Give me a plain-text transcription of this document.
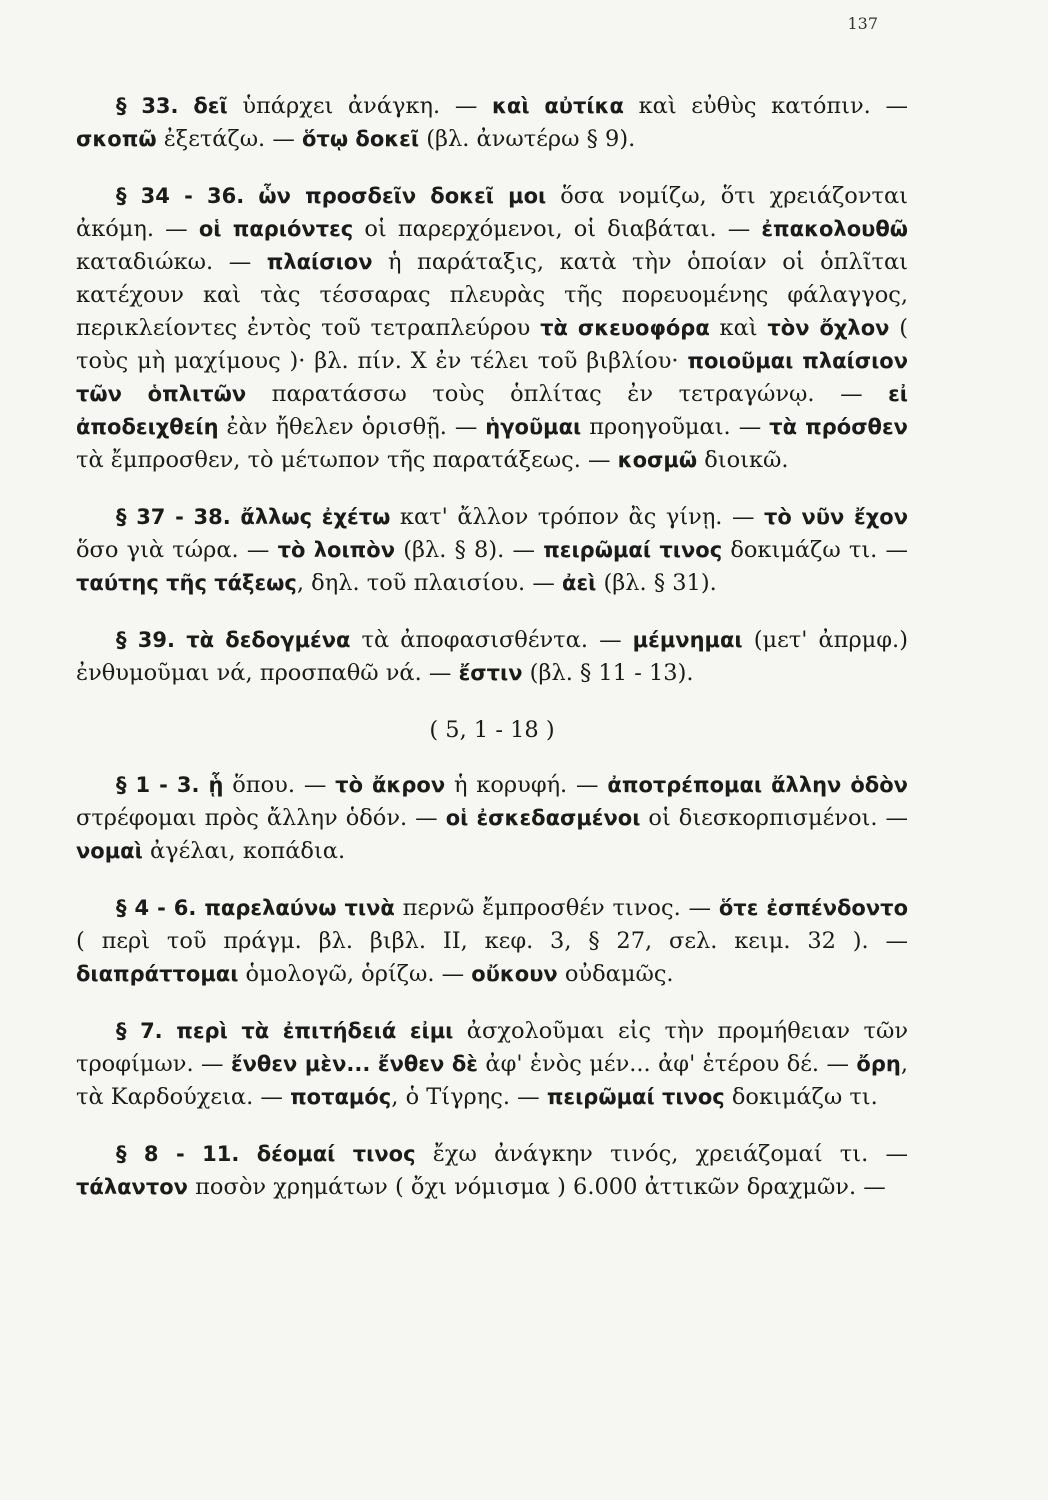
137

§ 33. δεῖ ὑπάρχει ἀνάγκη. — καὶ αὐτίκα καὶ εὐθὺς κατόπιν. — σκοπῶ ἐξετάζω. — ὅτῳ δοκεῖ (βλ. ἀνωτέρω § 9).

§ 34 - 36. ὧν προσδεῖν δοκεῖ μοι ὅσα νομίζω, ὅτι χρειάζονται ἀκόμη. — οἱ παριόντες οἱ παρερχόμενοι, οἱ διαβάται. — ἐπακολουθῶ καταδιώκω. — πλαίσιον ἡ παράταξις, κατὰ τὴν ὁποίαν οἱ ὁπλῖται κατέχουν καὶ τὰς τέσσαρας πλευρὰς τῆς πορευομένης φάλαγγος, περικλείοντες ἐντὸς τοῦ τετραπλεύρου τὰ σκευοφόρα καὶ τὸν ὄχλον ( τοὺς μὴ μαχίμους )· βλ. πίν. X ἐν τέλει τοῦ βιβλίου· ποιοῦμαι πλαίσιον τῶν ὁπλιτῶν παρατάσσω τοὺς ὁπλίτας ἐν τετραγώνῳ. — εἰ ἀποδειχθείη ἐὰν ἤθελεν ὁρισθῇ. — ἡγοῦμαι προηγοῦμαι. — τὰ πρόσθεν τὰ ἔμπροσθεν, τὸ μέτωπον τῆς παρατάξεως. — κοσμῶ διοικῶ.

§ 37 - 38. ἄλλως ἐχέτω κατ' ἄλλον τρόπον ἂς γίνῃ. — τὸ νῦν ἔχον ὅσο γιὰ τώρα. — τὸ λοιπὸν (βλ. § 8). — πειρῶμαί τινος δοκιμάζω τι. — ταύτης τῆς τάξεως, δηλ. τοῦ πλαισίου. — ἀεὶ (βλ. § 31).

§ 39. τὰ δεδογμένα τὰ ἀποφασισθέντα. — μέμνημαι (μετ' ἀπρμφ.) ἐνθυμοῦμαι νά, προσπαθῶ νά. — ἔστιν (βλ. § 11 - 13).

( 5, 1 - 18 )

§ 1 - 3. ᾗ ὅπου. — τὸ ἄκρον ἡ κορυφή. — ἀποτρέπομαι ἄλλην ὁδὸν στρέφομαι πρὸς ἄλλην ὁδόν. — οἱ ἐσκεδασμένοι οἱ διεσκορπισμένοι. — νομαὶ ἀγέλαι, κοπάδια.

§ 4 - 6. παρελαύνω τινὰ περνῶ ἔμπροσθέν τινος. — ὅτε ἐσπένδοντο ( περὶ τοῦ πράγμ. βλ. βιβλ. II, κεφ. 3, § 27, σελ. κειμ. 32 ). — διαπράττομαι ὁμολογῶ, ὁρίζω. — οὔκουν οὐδαμῶς.

§ 7. περὶ τὰ ἐπιτήδειά εἰμι ἀσχολοῦμαι εἰς τὴν προμήθειαν τῶν τροφίμων. — ἔνθεν μὲν... ἔνθεν δὲ ἀφ' ἑνὸς μέν... ἀφ' ἑτέρου δέ. — ὄρη, τὰ Καρδούχεια. — ποταμός, ὁ Τίγρης. — πειρῶμαί τινος δοκιμάζω τι.

§ 8 - 11. δέομαί τινος ἔχω ἀνάγκην τινός, χρειάζομαί τι. — τάλαντον ποσὸν χρημάτων ( ὄχι νόμισμα ) 6.000 ἀττικῶν δραχμῶν. —
